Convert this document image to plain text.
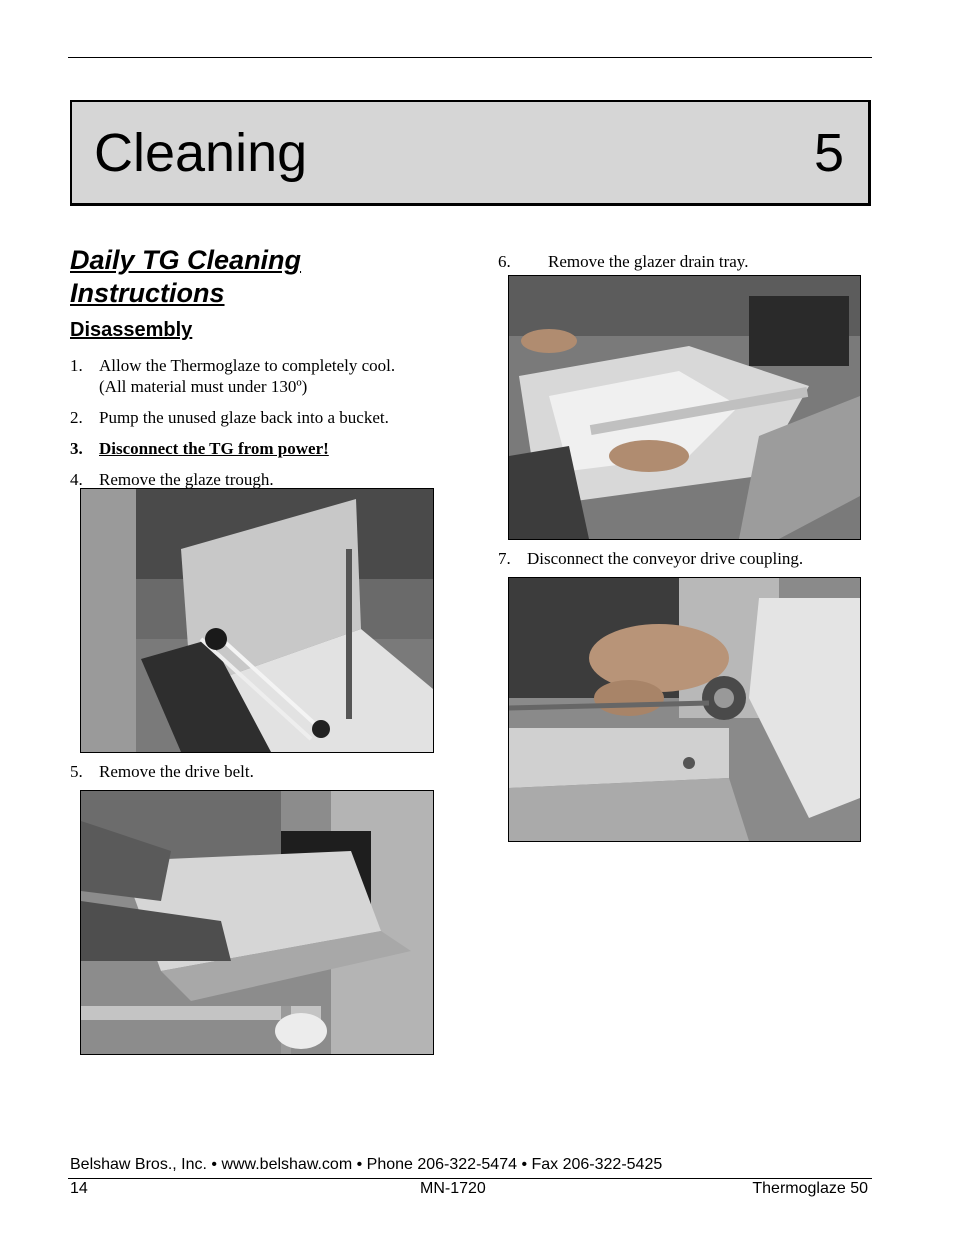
Cleaning	5
Daily TG Cleaning Instructions
Disassembly
1. Allow the Thermoglaze to completely cool.
(All material must under 130º)
2. Pump the unused glaze back into a bucket.
3. Disconnect the TG from power!
4. Remove the glaze trough.
5. Remove the drive belt.
6. Remove the glazer drain tray.
7. Disconnect the conveyor drive coupling.
Belshaw Bros., Inc. • www.belshaw.com • Phone 206-322-5474 • Fax 206-322-5425
14	MN-1720	Thermoglaze 50
